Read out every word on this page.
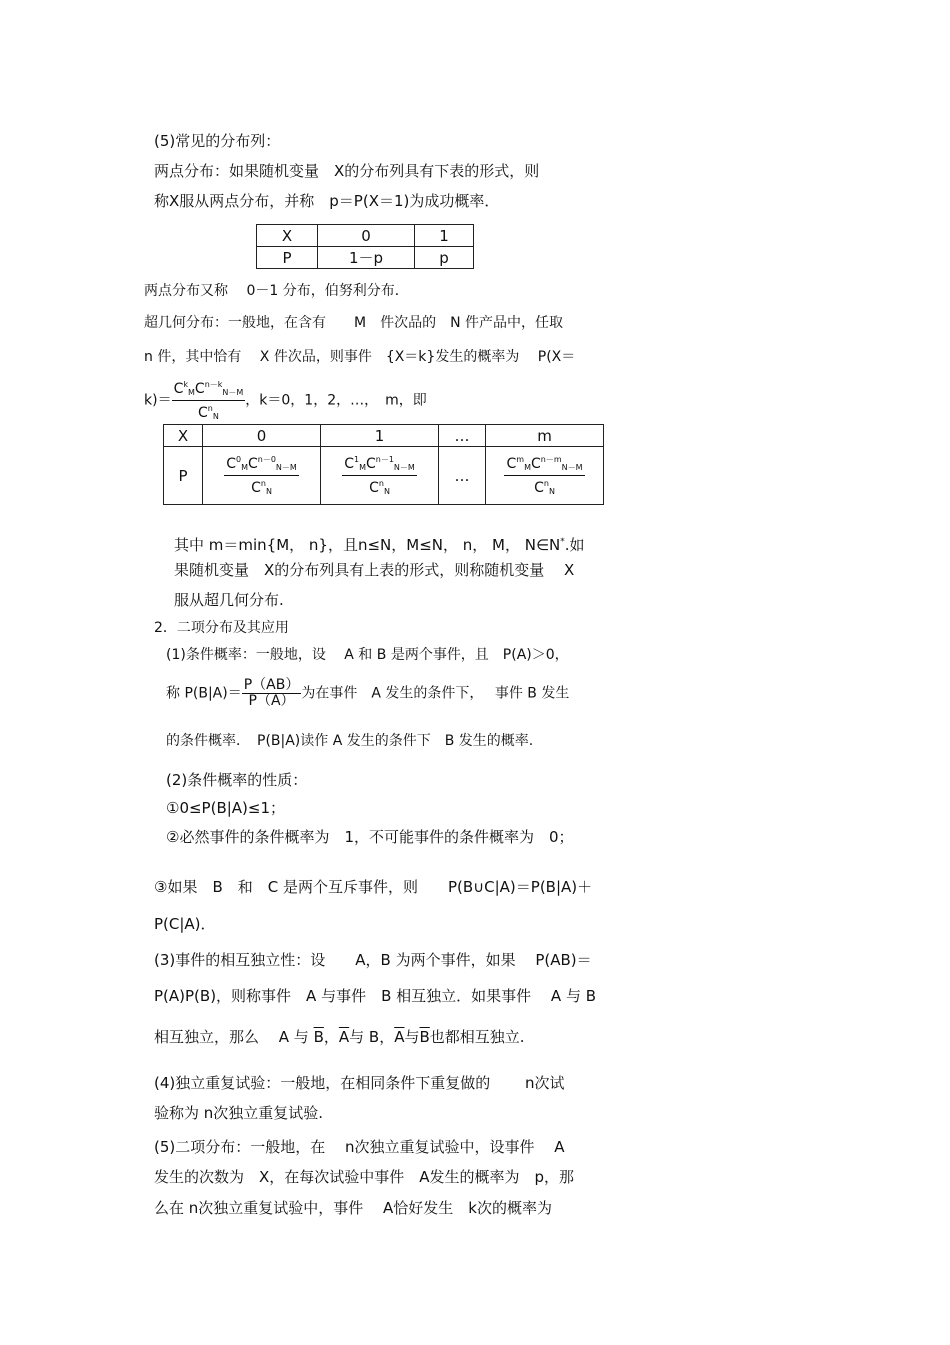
(5)常见的分布列：
两点分布：如果随机变量　X的分布列具有下表的形式，则
称X服从两点分布，并称　p＝P(X＝1)为成功概率．
X	0	1
P	1－p	p
两点分布又称　 0－1 分布，伯努利分布．
超几何分布：一般地，在含有　　M　件次品的　N 件产品中，任取
n 件，其中恰有　 X 件次品，则事件　{X＝k}发生的概率为　 P(X＝
$k)= \frac{C^k_MC^{n-k}_{N-M}}{C^n_N}$ ，k＝0，1，2，…，　m，即
X	0	1	…	m
P	$\frac{C^0_MC^{n-0}_{N-M}}{C^n_N}$	$\frac{C^1_MC^{n-1}_{N-M}}{C^n_N}$	…	$\frac{C^m_MC^{n-m}_{N-M}}{C^n_N}$
其中 m＝min{M， n}，且n≤N，M≤N， n， M， N∈N*.如
果随机变量　X的分布列具有上表的形式，则称随机变量　 X
服从超几何分布.
2．二项分布及其应用
(1)条件概率：一般地，设　 A 和 B 是两个事件，且　P(A)＞0，
称 $P(B|A)= \frac{P(AB)}{P(A)}$ 为在事件　A 发生的条件下，　 事件 B 发生
的条件概率．　P(B|A)读作 A 发生的条件下　B 发生的概率.
(2)条件概率的性质：
①0≤P(B|A)≤1；
②必然事件的条件概率为　1，不可能事件的条件概率为　0；
③如果　B　和　C 是两个互斥事件，则　　P(B∪C|A)＝P(B|A)＋
P(C|A)．
(3)事件的相互独立性：设　　A，B 为两个事件，如果　 P(AB)＝
P(A)P(B)，则称事件　A 与事件　B 相互独立．如果事件　 A 与 B
相互独立，那么　 A 与 $\overline{B}$，$\overline{A}$与 B，$\overline{A}$与$\overline{B}$也都相互独立.
(4)独立重复试验：一般地，在相同条件下重复做的　　 n次试
验称为 n次独立重复试验.
(5)二项分布：一般地，在　 n次独立重复试验中，设事件　 A
发生的次数为　X，在每次试验中事件　A发生的概率为　p，那
么在 n次独立重复试验中，事件　 A恰好发生　k次的概率为
